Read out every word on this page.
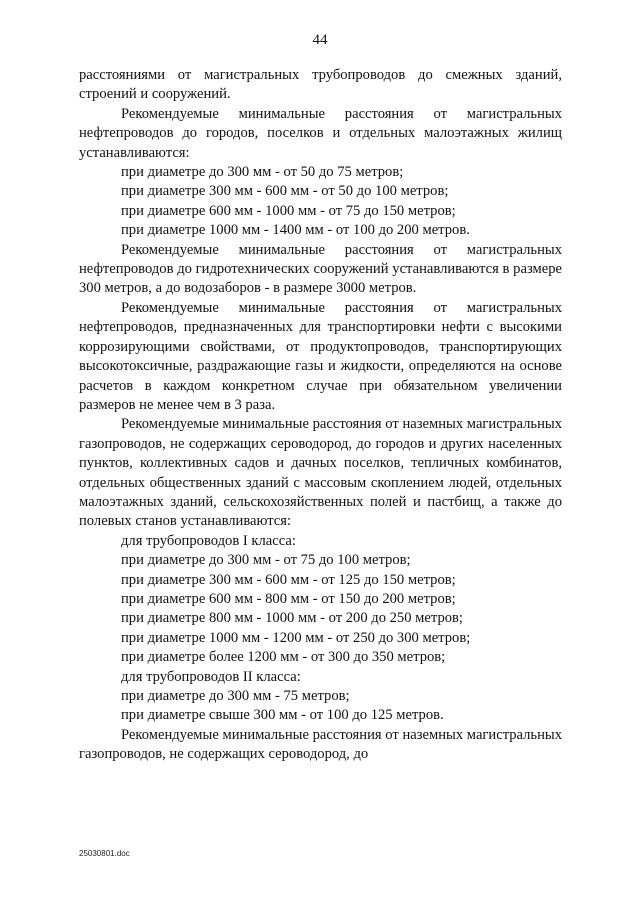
44

расстояниями от магистральных трубопроводов до смежных зданий, строений и сооружений.

Рекомендуемые минимальные расстояния от магистральных нефтепроводов до городов, поселков и отдельных малоэтажных жилищ устанавливаются:

при диаметре до 300 мм - от 50 до 75 метров;

при диаметре 300 мм - 600 мм - от 50 до 100 метров;

при диаметре 600 мм - 1000 мм - от 75 до 150 метров;

при диаметре 1000 мм - 1400 мм - от 100 до 200 метров.

Рекомендуемые минимальные расстояния от магистральных нефтепроводов до гидротехнических сооружений устанавливаются в размере 300 метров, а до водозаборов - в размере 3000 метров.

Рекомендуемые минимальные расстояния от магистральных нефтепроводов, предназначенных для транспортировки нефти с высокими коррозирующими свойствами, от продуктопроводов, транспортирующих высокотоксичные, раздражающие газы и жидкости, определяются на основе расчетов в каждом конкретном случае при обязательном увеличении размеров не менее чем в 3 раза.

Рекомендуемые минимальные расстояния от наземных магистральных газопроводов, не содержащих сероводород, до городов и других населенных пунктов, коллективных садов и дачных поселков, тепличных комбинатов, отдельных общественных зданий с массовым скоплением людей, отдельных малоэтажных зданий, сельскохозяйственных полей и пастбищ, а также до полевых станов устанавливаются:

для трубопроводов I класса:

при диаметре до 300 мм - от 75 до 100 метров;

при диаметре 300 мм - 600 мм - от 125 до 150 метров;

при диаметре 600 мм - 800 мм - от 150 до 200 метров;

при диаметре 800 мм - 1000 мм - от 200 до 250 метров;

при диаметре 1000 мм - 1200 мм - от 250 до 300 метров;

при диаметре более 1200 мм - от 300 до 350 метров;

для трубопроводов II класса:

при диаметре до 300 мм - 75 метров;

при диаметре свыше 300 мм - от 100 до 125 метров.

Рекомендуемые минимальные расстояния от наземных магистральных газопроводов, не содержащих сероводород, до

25030801.doc
